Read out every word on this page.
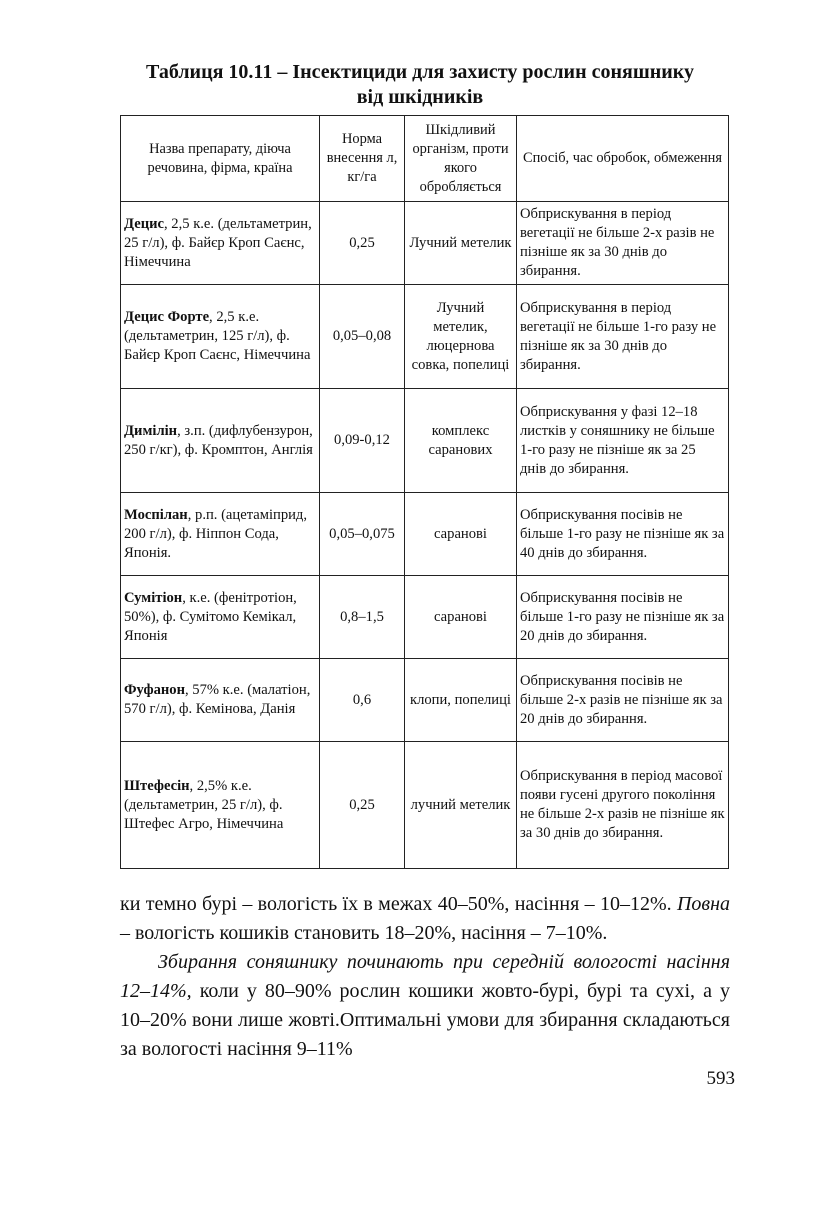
Таблиця 10.11 – Інсектициди для захисту рослин соняшнику
від шкідників
Назва препарату, діюча речовина, фірма, країна	Норма внесення л, кг/га	Шкідливий організм, проти якого обробляється	Спосіб, час обробок, обмеження
Децис, 2,5 к.е. (дельтаметрин, 25 г/л), ф. Байєр Кроп Саєнс, Німеччина	0,25	Лучний метелик	Обприскування в період вегетації не більше 2-х разів не пізніше як за 30 днів до збирання.
Децис Форте, 2,5 к.е. (дельтаметрин, 125 г/л), ф. Байєр Кроп Саєнс, Німеччина	0,05–0,08	Лучний метелик, люцернова совка, попелиці	Обприскування в період вегетації не більше 1-го разу не пізніше як за 30 днів до збирання.
Димілін, з.п. (дифлубензурон, 250 г/кг), ф. Кромптон, Англія	0,09-0,12	комплекс саранових	Обприскування у фазі 12–18 листків у соняшнику не більше 1-го разу не пізніше як за 25 днів до збирання.
Моспілан, р.п. (ацетаміприд, 200 г/л), ф. Ніппон Сода, Японія.	0,05–0,075	саранові	Обприскування посівів не більше 1-го разу не пізніше як за 40 днів до збирання.
Сумітіон, к.е. (фенітротіон, 50%), ф. Сумітомо Кемікал, Японія	0,8–1,5	саранові	Обприскування посівів не більше 1-го разу не пізніше як за 20 днів до збирання.
Фуфанон, 57% к.е. (малатіон, 570 г/л), ф. Кемінова, Данія	0,6	клопи, попелиці	Обприскування посівів не більше 2-х разів не пізніше як за 20 днів до збирання.
Штефесін, 2,5% к.е. (дельтаметрин, 25 г/л), ф. Штефес Агро, Німеччина	0,25	лучний метелик	Обприскування в період масової появи гусені другого покоління не більше 2-х разів не пізніше як за 30 днів до збирання.

ки темно бурі – вологість їх в межах 40–50%, насіння – 10–12%. Повна – вологість кошиків становить 18–20%, насіння – 7–10%.

Збирання соняшнику починають при середній вологості насіння 12–14%, коли у 80–90% рослин кошики жовто-бурі, бурі та сухі, а у 10–20% вони лише жовті.Оптимальні умови для збирання складаються за вологості насіння 9–11%

593
